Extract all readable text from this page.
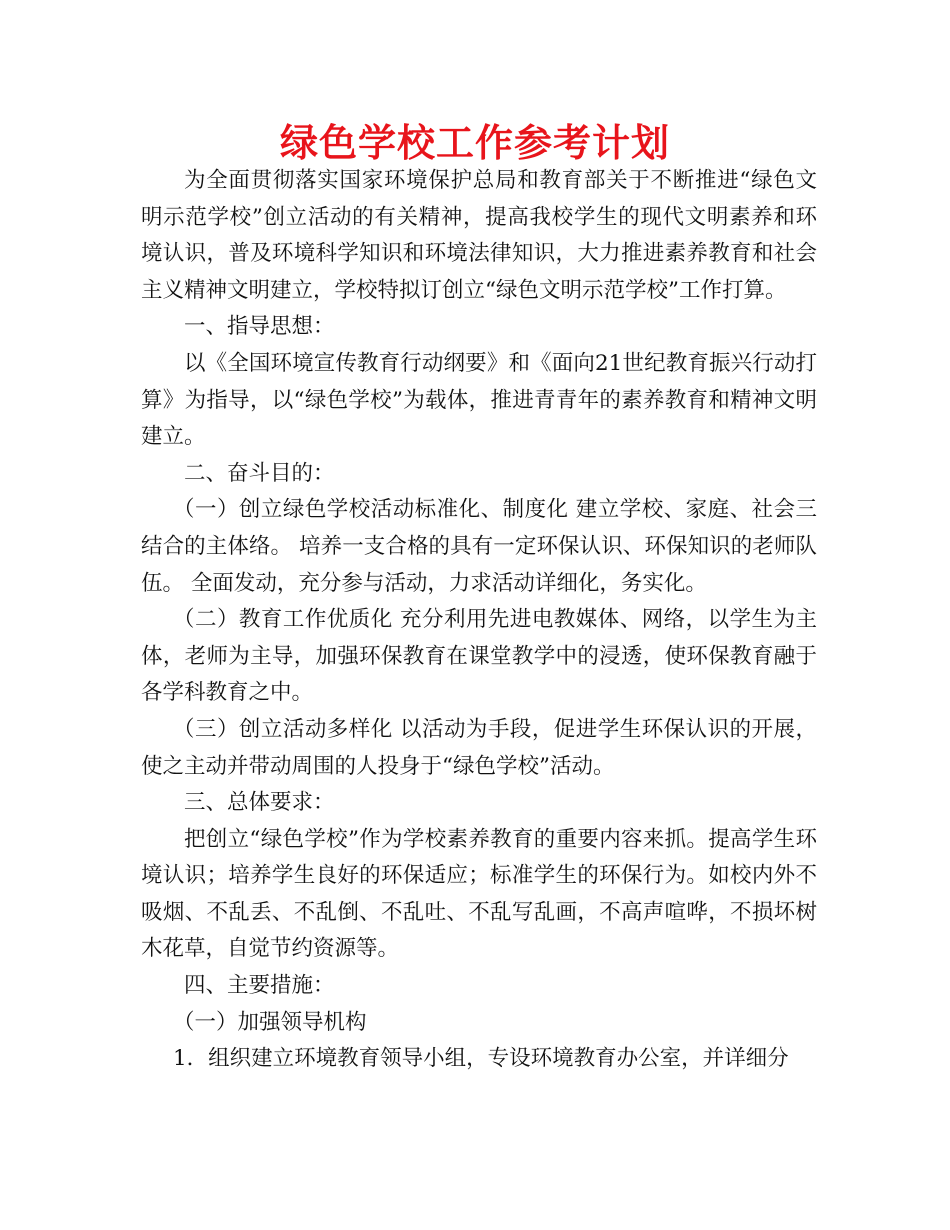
绿色学校工作参考计划

为全面贯彻落实国家环境保护总局和教育部关于不断推进“绿色文明示范学校”创立活动的有关精神，提高我校学生的现代文明素养和环境认识，普及环境科学知识和环境法律知识，大力推进素养教育和社会主义精神文明建立，学校特拟订创立“绿色文明示范学校”工作打算。

一、指导思想：

以《全国环境宣传教育行动纲要》和《面向21世纪教育振兴行动打算》为指导，以“绿色学校”为载体，推进青青年的素养教育和精神文明建立。

二、奋斗目的：

（一）创立绿色学校活动标准化、制度化 建立学校、家庭、社会三结合的主体络。 培养一支合格的具有一定环保认识、环保知识的老师队伍。 全面发动，充分参与活动，力求活动详细化，务实化。

（二）教育工作优质化 充分利用先进电教媒体、网络，以学生为主体，老师为主导，加强环保教育在课堂教学中的浸透，使环保教育融于各学科教育之中。

（三）创立活动多样化 以活动为手段，促进学生环保认识的开展，使之主动并带动周围的人投身于“绿色学校”活动。

三、总体要求：

把创立“绿色学校”作为学校素养教育的重要内容来抓。提高学生环境认识；培养学生良好的环保适应；标准学生的环保行为。如校内外不吸烟、不乱丢、不乱倒、不乱吐、不乱写乱画，不高声喧哗，不损坏树木花草，自觉节约资源等。

四、主要措施：

（一）加强领导机构

1．组织建立环境教育领导小组，专设环境教育办公室，并详细分
